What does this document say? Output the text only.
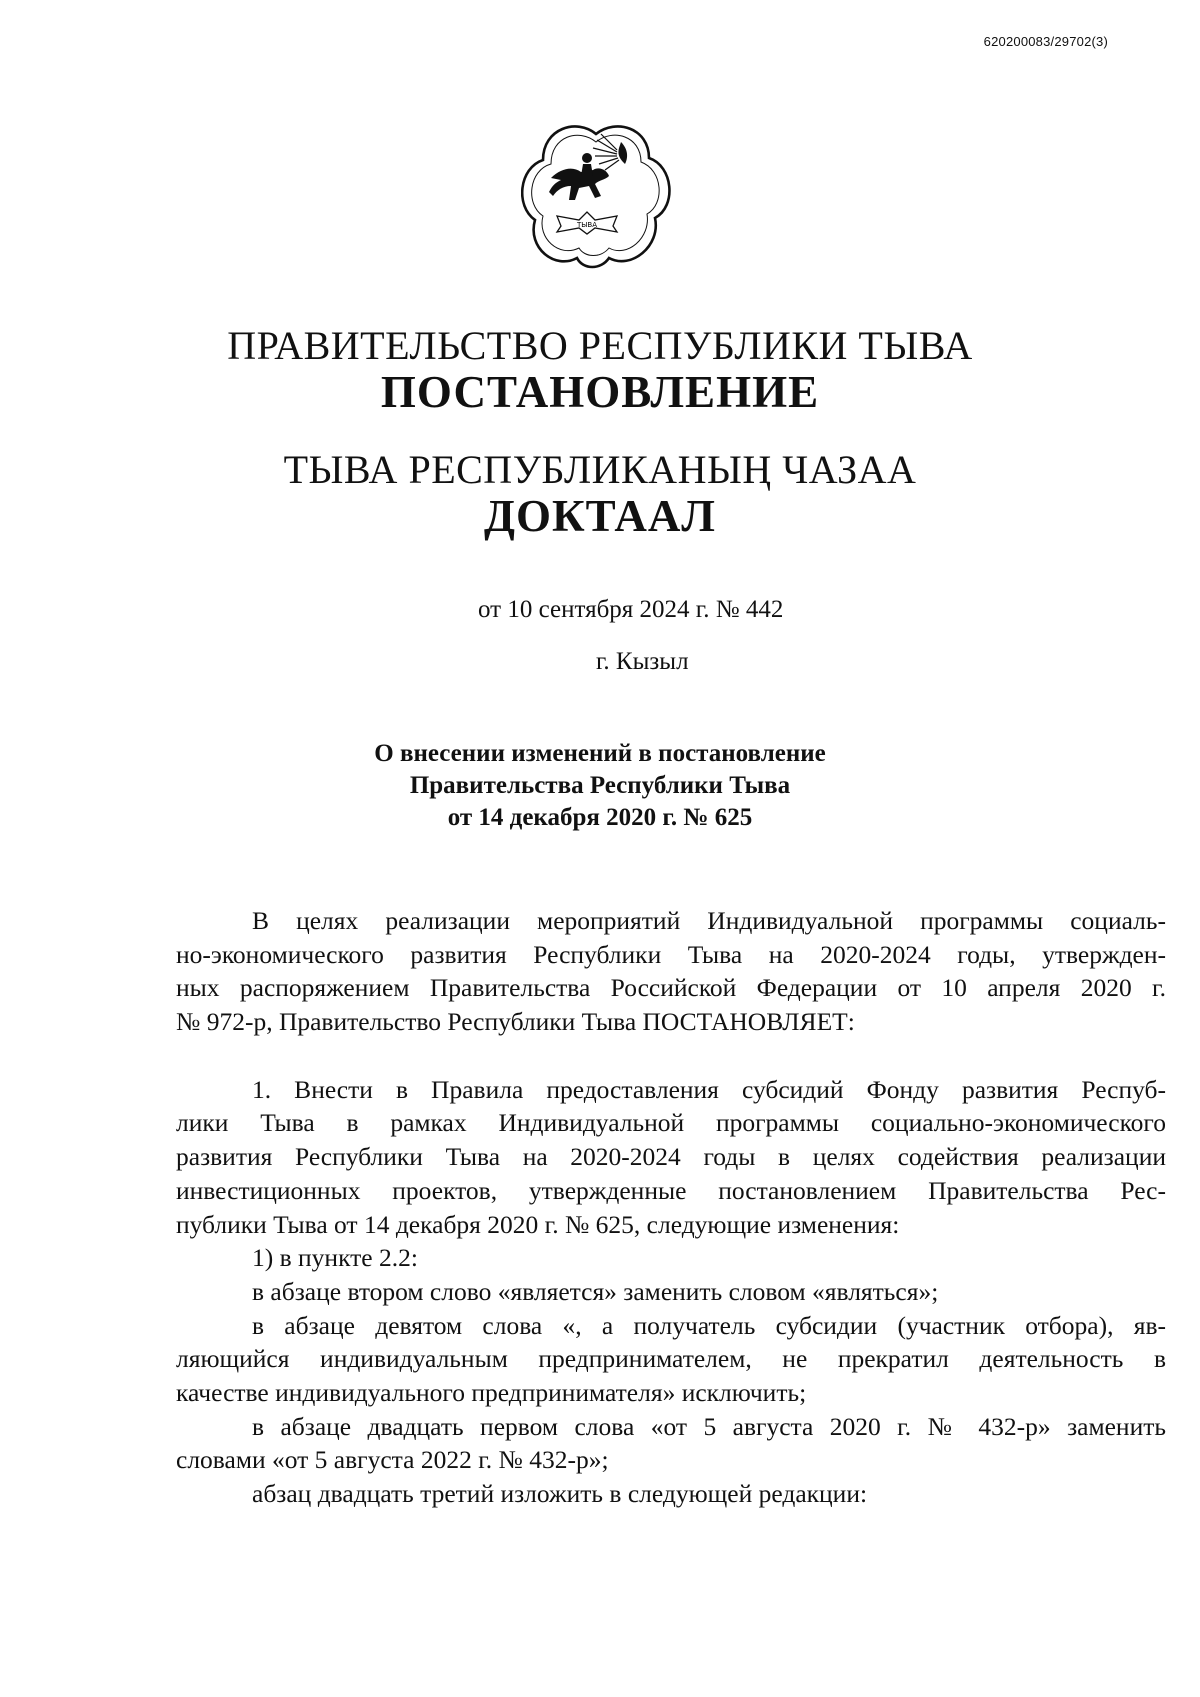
620200083/29702(3)
ТЫВА
ПРАВИТЕЛЬСТВО РЕСПУБЛИКИ ТЫВА
ПОСТАНОВЛЕНИЕ
ТЫВА РЕСПУБЛИКАНЫҢ ЧАЗАА
ДОКТААЛ
от 10 сентября 2024 г. № 442
г. Кызыл
О внесении изменений в постановление
Правительства Республики Тыва
от 14 декабря 2020 г. № 625
В целях реализации мероприятий Индивидуальной программы социаль-
но-экономического развития Республики Тыва на 2020-2024 годы, утвержден-
ных распоряжением Правительства Российской Федерации от 10 апреля 2020 г.
№ 972-р, Правительство Республики Тыва ПОСТАНОВЛЯЕТ:
1. Внести в Правила предоставления субсидий Фонду развития Респуб-
лики Тыва в рамках Индивидуальной программы социально-экономического
развития Республики Тыва на 2020-2024 годы в целях содействия реализации
инвестиционных проектов, утвержденные постановлением Правительства Рес-
публики Тыва от 14 декабря 2020 г. № 625, следующие изменения:
1) в пункте 2.2:
в абзаце втором слово «является» заменить словом «являться»;
в абзаце девятом слова «, а получатель субсидии (участник отбора), яв-
ляющийся индивидуальным предпринимателем, не прекратил деятельность в
качестве индивидуального предпринимателя» исключить;
в абзаце двадцать первом слова «от 5 августа 2020 г. № 432-р» заменить
словами «от 5 августа 2022 г. № 432-р»;
абзац двадцать третий изложить в следующей редакции:
